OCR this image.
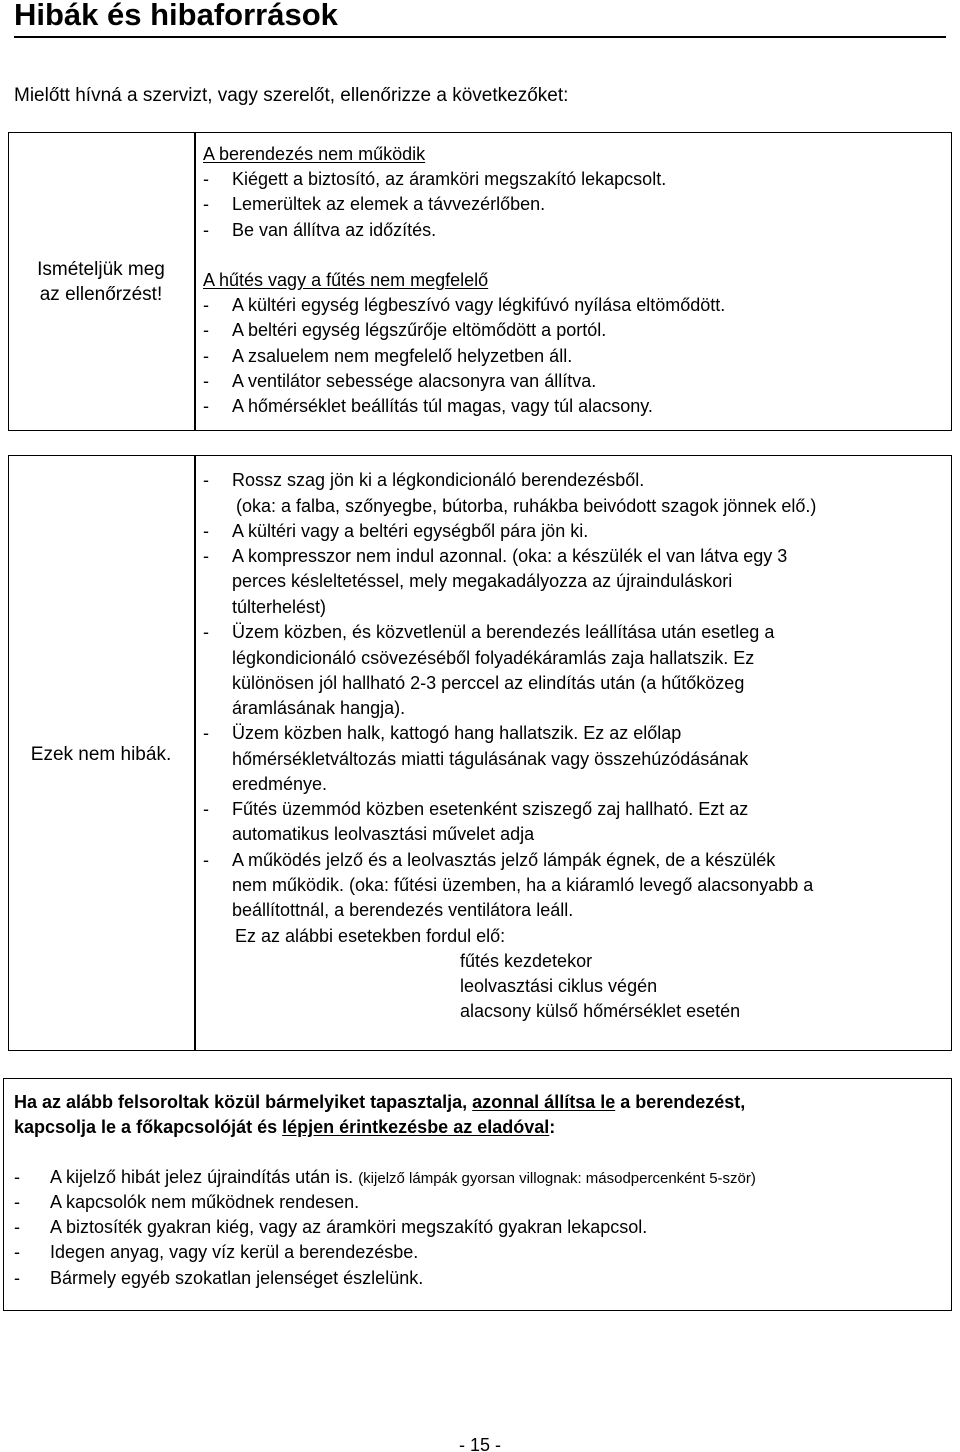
Hibák és hibaforrások
Mielőtt hívná a szervizt, vagy szerelőt, ellenőrizze a következőket:
Ismételjük meg
az ellenőrzést!
A berendezés nem működik
- Kiégett a biztosító, az áramköri megszakító lekapcsolt.
- Lemerültek az elemek a távvezérlőben.
- Be van állítva az időzítés.
A hűtés vagy a fűtés nem megfelelő
- A kültéri egység légbeszívó vagy légkifúvó nyílása eltömődött.
- A beltéri egység légszűrője eltömődött a portól.
- A zsaluelem nem megfelelő helyzetben áll.
- A ventilátor sebessége alacsonyra van állítva.
- A hőmérséklet beállítás túl magas, vagy túl alacsony.
Ezek nem hibák.
- Rossz szag jön ki a légkondicionáló berendezésből.
(oka: a falba, szőnyegbe, bútorba, ruhákba beivódott szagok jönnek elő.)
- A kültéri vagy a beltéri egységből pára jön ki.
- A kompresszor nem indul azonnal. (oka: a készülék el van látva egy 3
perces késleltetéssel, mely megakadályozza az újrainduláskori
túlterhelést)
- Üzem közben, és közvetlenül a berendezés leállítása után esetleg a
légkondicionáló csövezéséből folyadékáramlás zaja hallatszik. Ez
különösen jól hallható 2-3 perccel az elindítás után (a hűtőközeg
áramlásának hangja).
- Üzem közben halk, kattogó hang hallatszik. Ez az előlap
hőmérsékletváltozás miatti tágulásának vagy összehúzódásának
eredménye.
- Fűtés üzemmód közben esetenként sziszegő zaj hallható. Ezt az
automatikus leolvasztási művelet adja
- A működés jelző és a leolvasztás jelző lámpák égnek, de a készülék
nem működik. (oka: fűtési üzemben, ha a kiáramló levegő alacsonyabb a
beállítottnál, a berendezés ventilátora leáll.
Ez az alábbi esetekben fordul elő:
fűtés kezdetekor
leolvasztási ciklus végén
alacsony külső hőmérséklet esetén
Ha az alább felsoroltak közül bármelyiket tapasztalja, azonnal állítsa le a berendezést,
kapcsolja le a főkapcsolóját és lépjen érintkezésbe az eladóval:
- A kijelző hibát jelez újraindítás után is. (kijelző lámpák gyorsan villognak: másodpercenként 5-ször)
- A kapcsolók nem működnek rendesen.
- A biztosíték gyakran kiég, vagy az áramköri megszakító gyakran lekapcsol.
- Idegen anyag, vagy víz kerül a berendezésbe.
- Bármely egyéb szokatlan jelenséget észlelünk.
- 15 -
